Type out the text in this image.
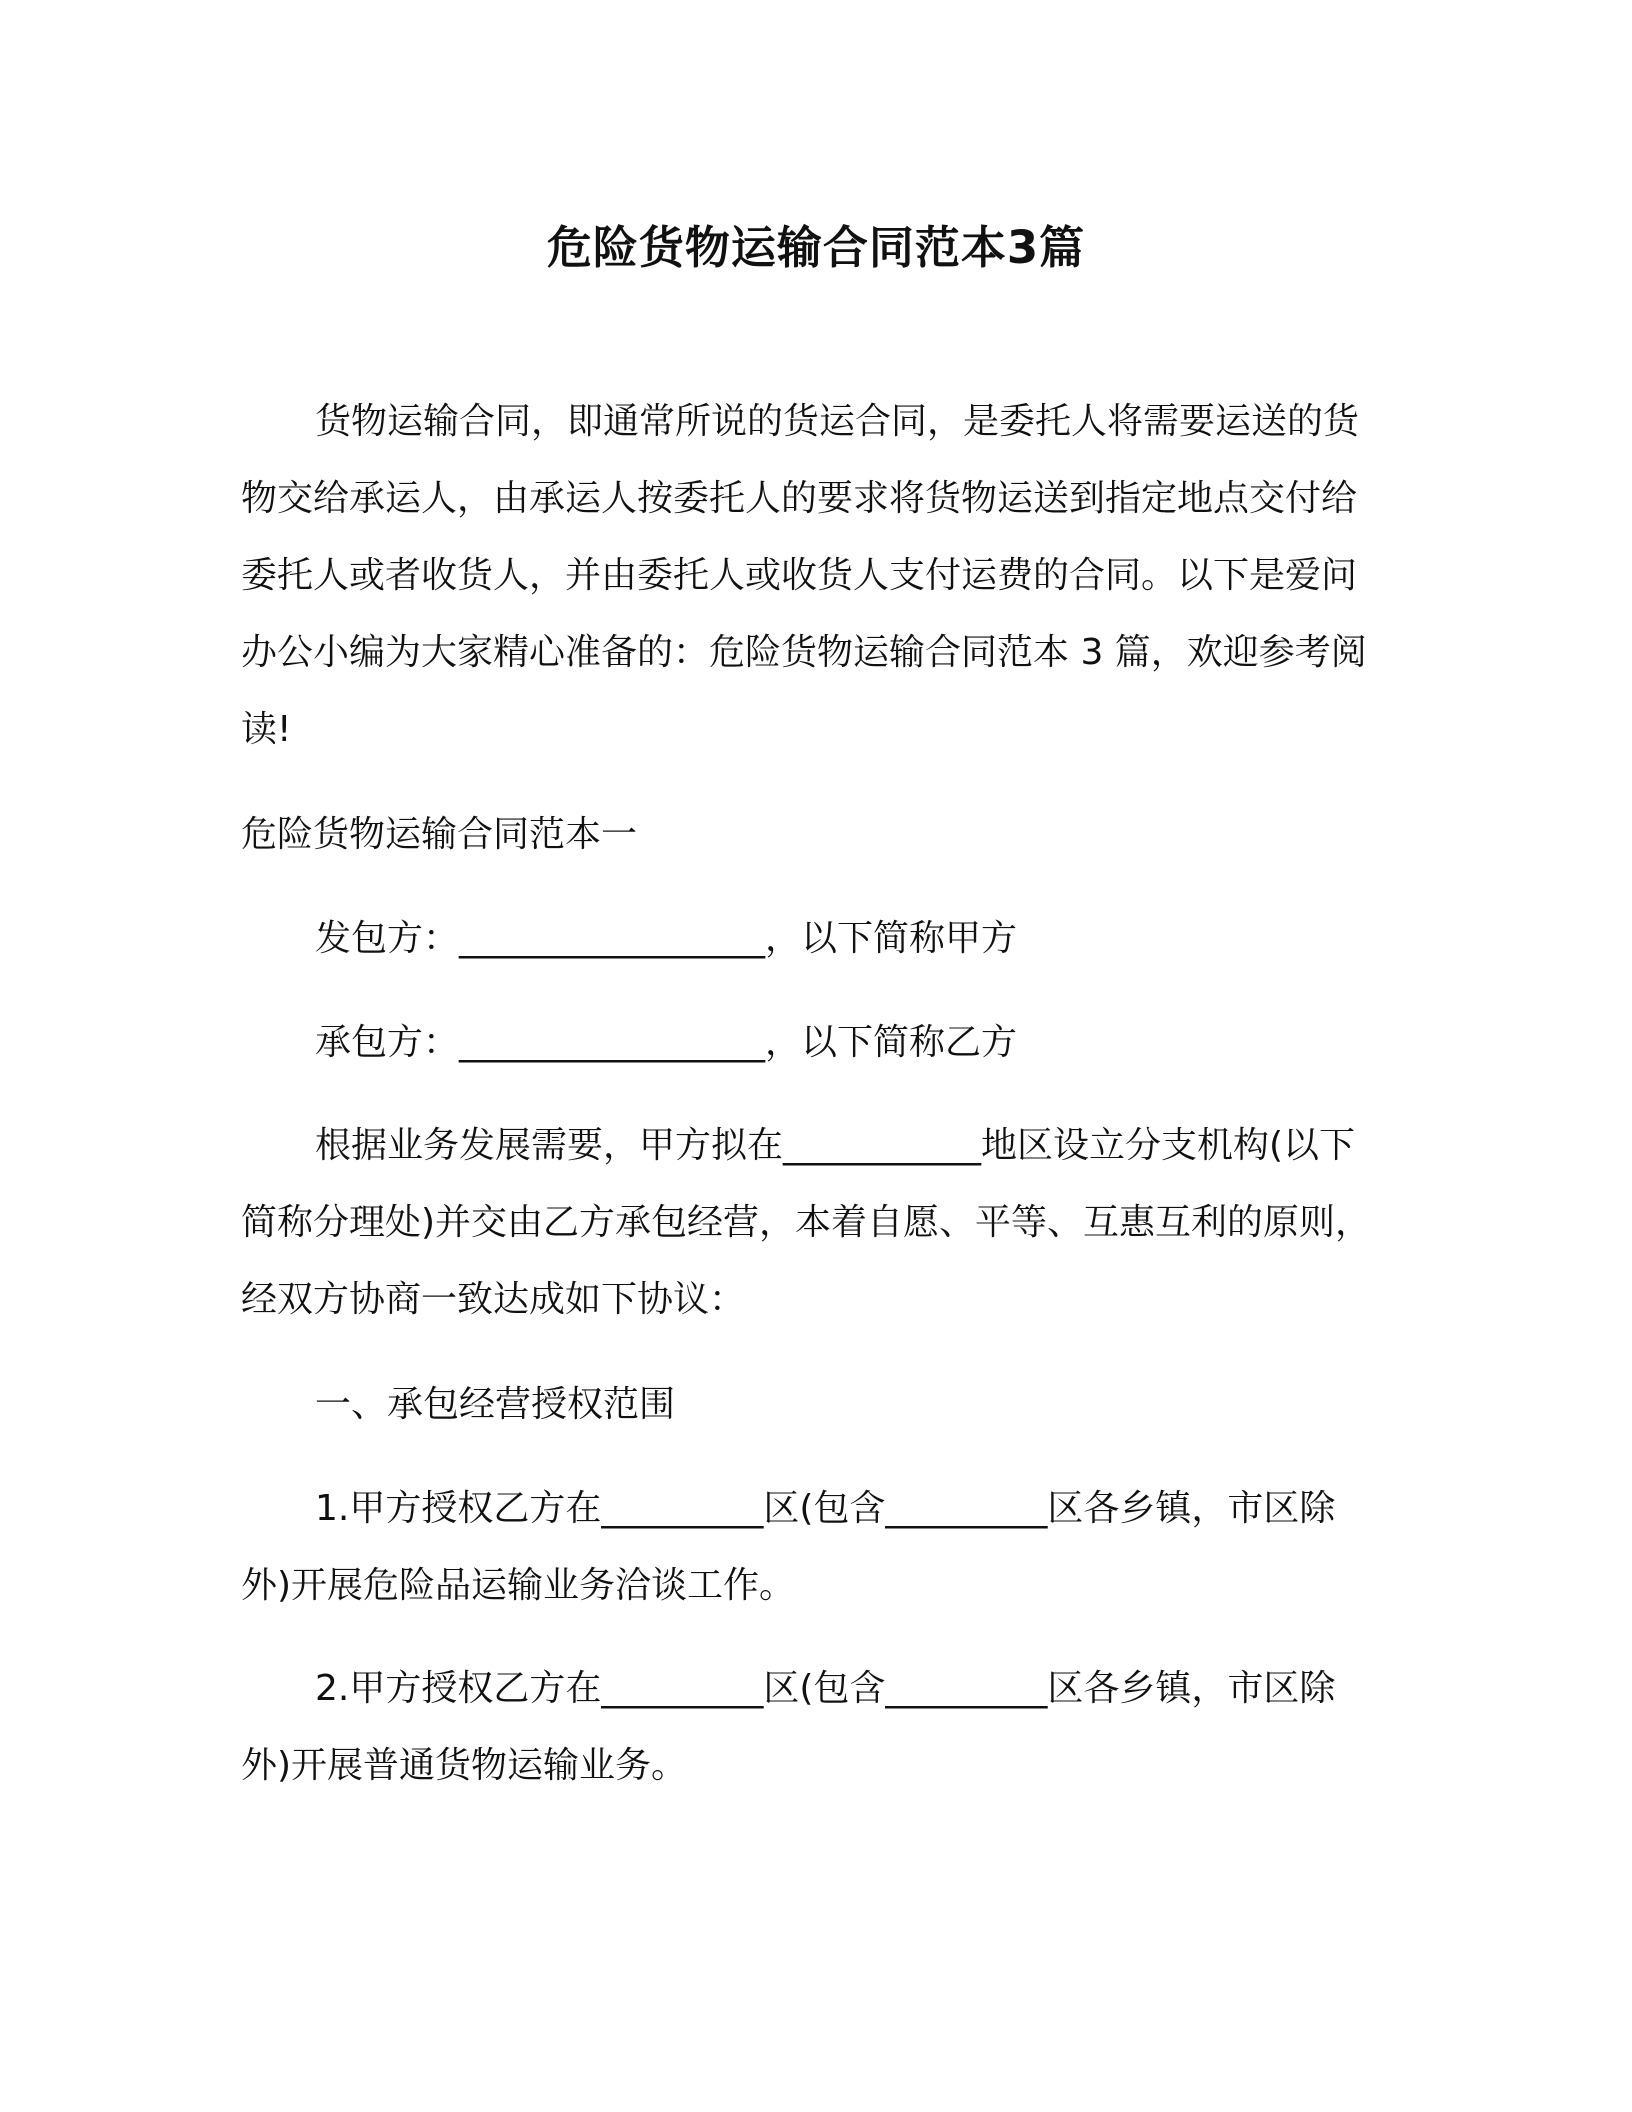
危险货物运输合同范本3篇

货物运输合同，即通常所说的货运合同，是委托人将需要运送的货物交给承运人，由承运人按委托人的要求将货物运送到指定地点交付给委托人或者收货人，并由委托人或收货人支付运费的合同。以下是爱问办公小编为大家精心准备的：危险货物运输合同范本 3 篇，欢迎参考阅读!

危险货物运输合同范本一

发包方：_________________，以下简称甲方

承包方：_________________，以下简称乙方

根据业务发展需要，甲方拟在___________地区设立分支机构(以下简称分理处)并交由乙方承包经营，本着自愿、平等、互惠互利的原则，经双方协商一致达成如下协议：

一、承包经营授权范围

1.甲方授权乙方在_________区(包含_________区各乡镇，市区除外)开展危险品运输业务洽谈工作。

2.甲方授权乙方在_________区(包含_________区各乡镇，市区除外)开展普通货物运输业务。
